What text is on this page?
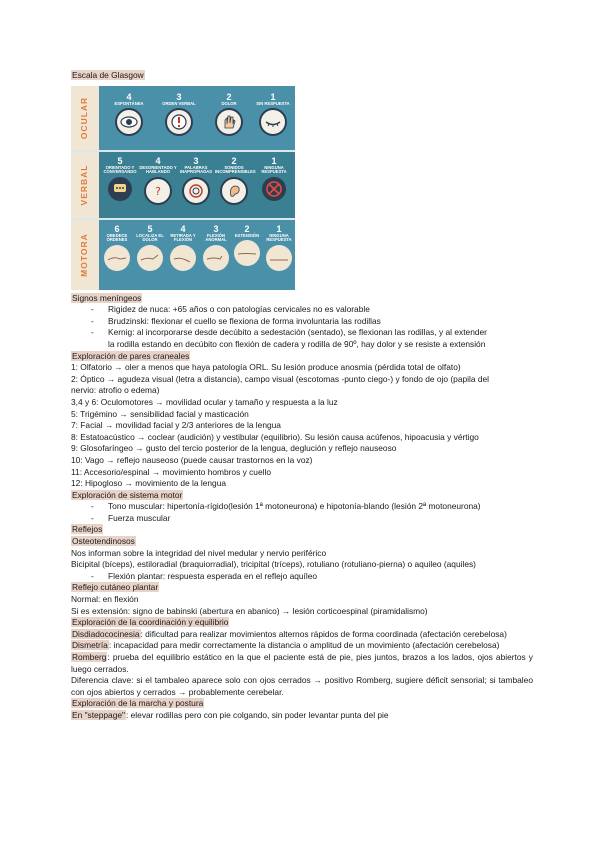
Escala de Glasgow
OCULAR	4
ESPONTÁNEA
3
ORDEN VERBAL
2
DOLOR
1
SIN RESPUESTA
VERBAL
5
ORIENTADO Y CONVERSANDO
4
DESORIENTADO Y HABLANDO
?
3
PALABRAS INAPROPIADAS
2
SONIDOS INCOMPRENSIBLES
1
NINGUNA RESPUESTA
MOTORA
6
OBEDECE ÓRDENES
5
LOCALIZA EL DOLOR
4
RETIRADA Y FLEXIÓN
3
FLEXIÓN ANORMAL
2
EXTENSIÓN
1
NINGUNA RESPUESTA
Signos meníngeos
- Rigidez de nuca: +65 años o con patologías cervicales no es valorable
- Brudzinski: flexionar el cuello se flexiona de forma involuntaria las rodillas
- Kernig: al incorporarse desde decúbito a sedestación (sentado), se flexionan las rodillas, y al extender
la rodilla estando en decúbito con flexión de cadera y rodilla de 90º, hay dolor y se resiste a extensión
Exploración de pares craneales
1: Olfatorio → oler a menos que haya patología ORL. Su lesión produce anosmia (pérdida total de olfato)
2: Óptico → agudeza visual (letra a distancia), campo visual (escotomas -punto ciego-) y fondo de ojo (papila del
nervio: atrofio o edema)
3,4 y 6: Oculomotores → movilidad ocular y tamaño y respuesta a la luz
5: Trigémino → sensibilidad facial y masticación
7: Facial → movilidad facial y 2/3 anteriores de la lengua
8: Estatoacústico → coclear (audición) y vestibular (equilibrio). Su lesión causa acúfenos, hipoacusia y vértigo
9: Glosofaríngeo → gusto del tercio posterior de la lengua, deglución y reflejo nauseoso
10: Vago → reflejo nauseoso (puede causar trastornos en la voz)
11: Accesorio/espinal → movimiento hombros y cuello
12: Hipogloso → movimiento de la lengua
Exploración de sistema motor
- Tono muscular: hipertonía-rígido(lesión 1ª motoneurona) e hipotonía-blando (lesión 2ª motoneurona)
- Fuerza muscular
Reflejos
Osteotendinosos
Nos informan sobre la integridad del nivel medular y nervio periférico
Bicipital (bíceps), estiloradial (braquiorradial), tricipital (tríceps), rotuliano (rotuliano-pierna) o aquileo (aquiles)
- Flexión plantar: respuesta esperada en el reflejo aquíleo
Reflejo cutáneo plantar
Normal: en flexión
Si es extensión: signo de babinski (abertura en abanico) → lesión corticoespinal (piramidalismo)
Exploración de la coordinación y equilibrio
Disdiadococinesia: dificultad para realizar movimientos alternos rápidos de forma coordinada (afectación cerebelosa)
Dismetría: incapacidad para medir correctamente la distancia o amplitud de un movimiento (afectación cerebelosa)
Romberg: prueba del equilibrio estático en la que el paciente está de pie, pies juntos, brazos a los lados, ojos abiertos y luego cerrados.
Diferencia clave: si el tambaleo aparece solo con ojos cerrados → positivo Romberg, sugiere déficit sensorial; si tambaleo con ojos abiertos y cerrados → probablemente cerebelar.
Exploración de la marcha y postura
En "steppage": elevar rodillas pero con pie colgando, sin poder levantar punta del pie
